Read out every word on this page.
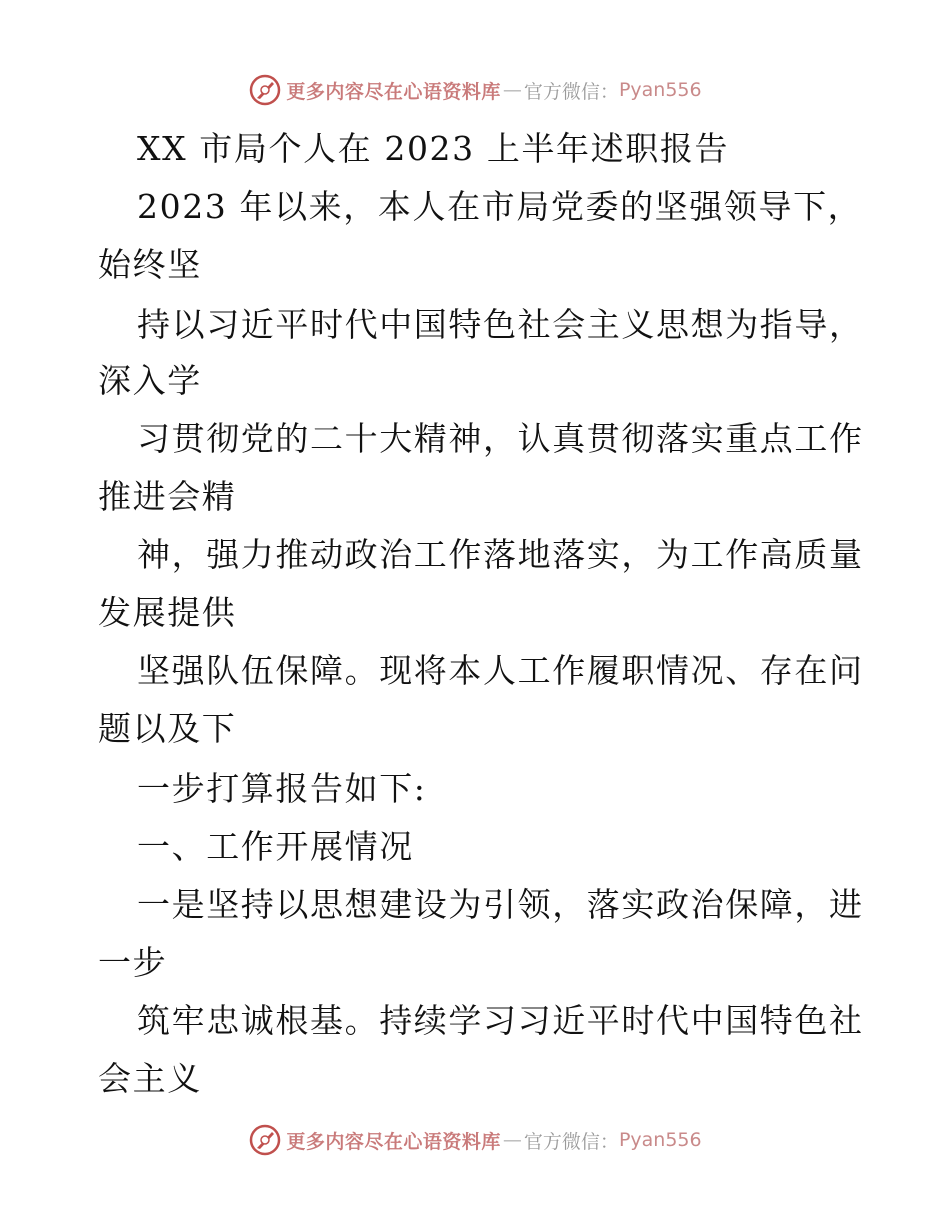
更多内容尽在心语资料库 — 官方微信： Pyan556
XX 市局个人在 2023 上半年述职报告
2023 年以来，本人在市局党委的坚强领导下，
始终坚
持以习近平时代中国特色社会主义思想为指导，
深入学
习贯彻党的二十大精神，认真贯彻落实重点工作
推进会精
神，强力推动政治工作落地落实，为工作高质量
发展提供
坚强队伍保障。现将本人工作履职情况、存在问
题以及下
一步打算报告如下:
一、工作开展情况
一是坚持以思想建设为引领，落实政治保障，进
一步
筑牢忠诚根基。持续学习习近平时代中国特色社
会主义
更多内容尽在心语资料库 — 官方微信： Pyan556
